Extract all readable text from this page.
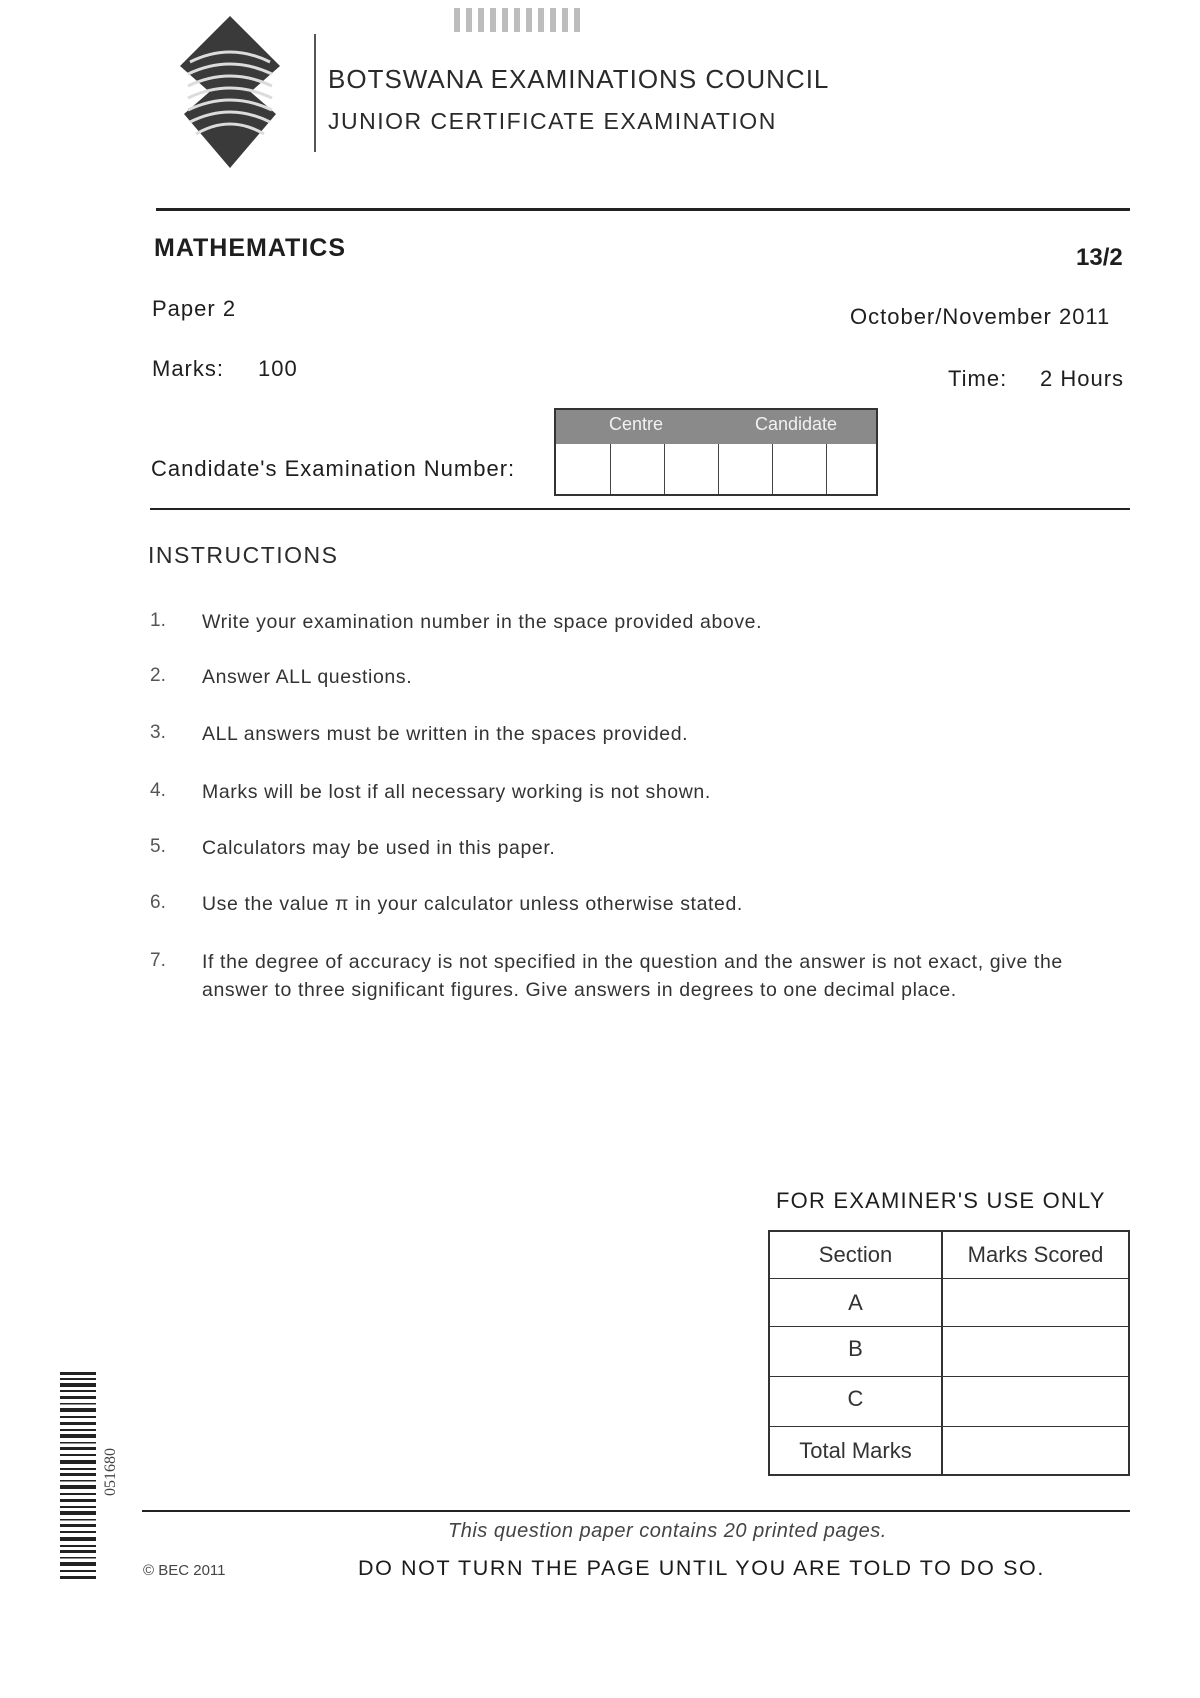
BOTSWANA EXAMINATIONS COUNCIL
JUNIOR CERTIFICATE EXAMINATION
MATHEMATICS	13/2
Paper 2	October/November 2011
Marks: 100	Time: 2 Hours
Candidate's Examination Number:
Centre	Candidate
INSTRUCTIONS
1. Write your examination number in the space provided above.
2. Answer ALL questions.
3. ALL answers must be written in the spaces provided.
4. Marks will be lost if all necessary working is not shown.
5. Calculators may be used in this paper.
6. Use the value π in your calculator unless otherwise stated.
7. If the degree of accuracy is not specified in the question and the answer is not exact, give the answer to three significant figures. Give answers in degrees to one decimal place.
FOR EXAMINER'S USE ONLY
Section	Marks Scored
A
B
C
Total Marks
This question paper contains 20 printed pages.
© BEC 2011	DO NOT TURN THE PAGE UNTIL YOU ARE TOLD TO DO SO.
051680
